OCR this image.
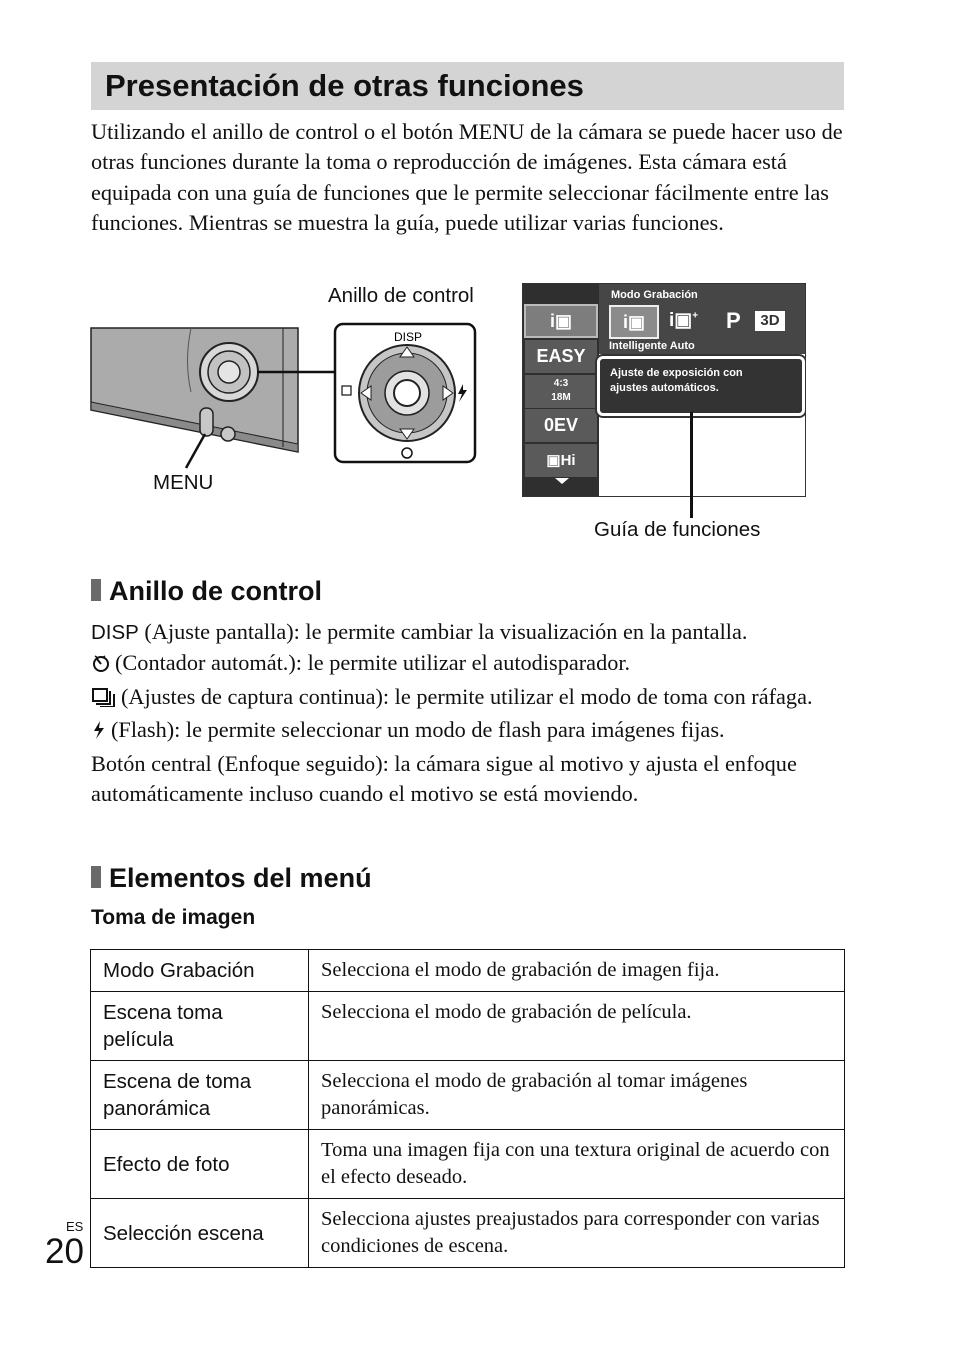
Presentación de otras funciones

Utilizando el anillo de control o el botón MENU de la cámara se puede hacer uso de otras funciones durante la toma o reproducción de imágenes. Esta cámara está equipada con una guía de funciones que le permite seleccionar fácilmente entre las funciones. Mientras se muestra la guía, puede utilizar varias funciones.

Anillo de control
MENU
Guía de funciones
DISP
i▣
EASY
4:3
18M
0EV
▣Hi
Modo Grabación
i▣	i▣+ P	3D
Intelligente Auto
Ajuste de exposición con
ajustes automáticos.
Anillo de control

DISP (Ajuste pantalla): le permite cambiar la visualización en la pantalla.

(Contador automát.): le permite utilizar el autodisparador.

(Ajustes de captura continua): le permite utilizar el modo de toma con ráfaga.

(Flash): le permite seleccionar un modo de flash para imágenes fijas.

Botón central (Enfoque seguido): la cámara sigue al motivo y ajusta el enfoque automáticamente incluso cuando el motivo se está moviendo.

Elementos del menú
Toma de imagen
Modo Grabación	Selecciona el modo de grabación de imagen fija.
Escena toma película	Selecciona el modo de grabación de película.
Escena de toma panorámica	Selecciona el modo de grabación al tomar imágenes panorámicas.
Efecto de foto	Toma una imagen fija con una textura original de acuerdo con el efecto deseado.
Selección escena	Selecciona ajustes preajustados para corresponder con varias condiciones de escena.
ES
20
